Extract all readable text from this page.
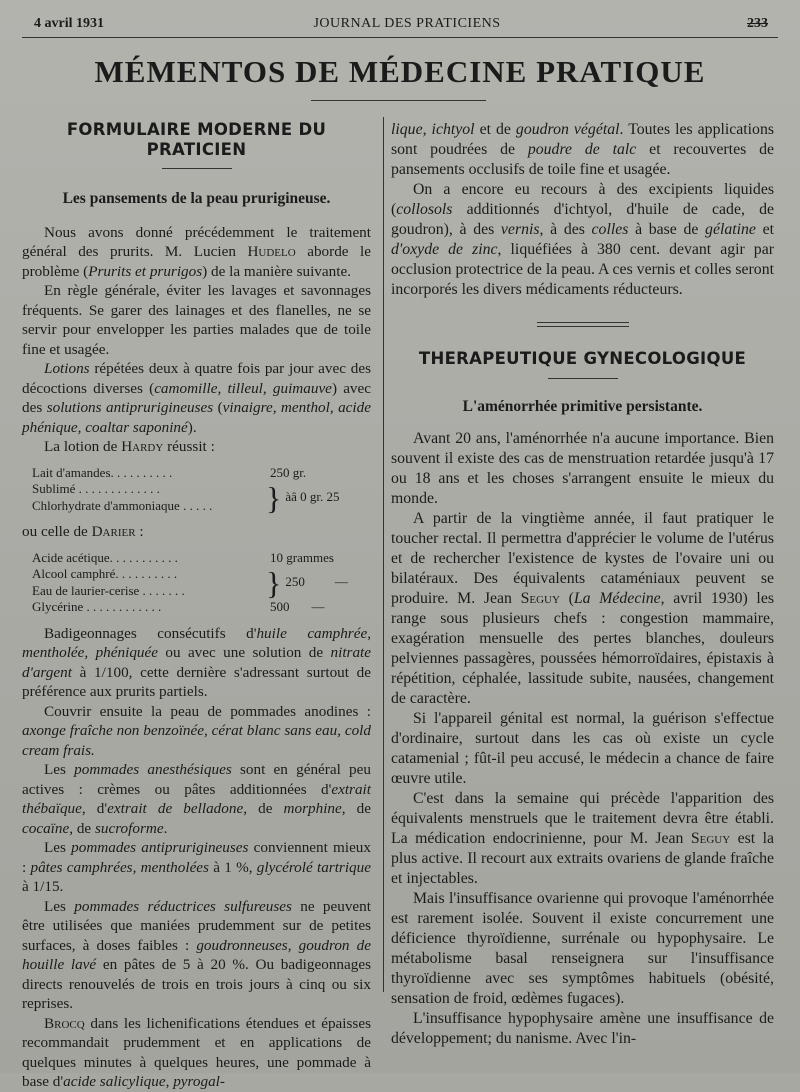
4 avril 1931	JOURNAL DES PRATICIENS	233
MÉMENTOS DE MÉDECINE PRATIQUE
FORMULAIRE MODERNE DU PRATICIEN
Les pansements de la peau prurigineuse.

Nous avons donné précédemment le traitement général des prurits. M. Lucien Hudelo aborde le problème (Prurits et prurigos) de la manière suivante.

En règle générale, éviter les lavages et savonnages fréquents. Se garer des lainages et des flanelles, ne se servir pour envelopper les parties malades que de toile fine et usagée.

Lotions répétées deux à quatre fois par jour avec des décoctions diverses (camomille, tilleul, guimauve) avec des solutions antiprurigineuses (vinaigre, menthol, acide phénique, coaltar saponiné).

La lotion de Hardy réussit :

Lait d'amandes. . . . . . . . . .	250 gr.
Sublimé . . . . . . . . . . . . .
Chlorhydrate d'ammoniaque . . . . .	} àâ 0 gr. 25

ou celle de Darier :

Acide acétique. . . . . . . . . . .	10 grammes
Alcool camphré. . . . . . . . . .
Eau de laurier-cerise . . . . . . .	} 250 —
Glycérine . . . . . . . . . . . .	500 —

Badigeonnages consécutifs d'huile camphrée, mentholée, phéniquée ou avec une solution de nitrate d'argent à 1/100, cette dernière s'adressant surtout de préférence aux prurits partiels.

Couvrir ensuite la peau de pommades anodines : axonge fraîche non benzoïnée, cérat blanc sans eau, cold cream frais.

Les pommades anesthésiques sont en général peu actives : crèmes ou pâtes additionnées d'extrait thébaïque, d'extrait de belladone, de morphine, de cocaïne, de sucroforme.

Les pommades antiprurigineuses conviennent mieux : pâtes camphrées, mentholées à 1 %, glycérolé tartrique à 1/15.

Les pommades réductrices sulfureuses ne peuvent être utilisées que maniées prudemment sur de petites surfaces, à doses faibles : goudronneuses, goudron de houille lavé en pâtes de 5 à 20 %. Ou badigeonnages directs renouvelés de trois en trois jours à cinq ou six reprises.

Brocq dans les lichenifications étendues et épaisses recommandait prudemment et en applications de quelques minutes à quelques heures, une pommade à base d'acide salicylique, pyrogal-

lique, ichtyol et de goudron végétal. Toutes les applications sont poudrées de poudre de talc et recouvertes de pansements occlusifs de toile fine et usagée.

On a encore eu recours à des excipients liquides (collosols additionnés d'ichtyol, d'huile de cade, de goudron), à des vernis, à des colles à base de gélatine et d'oxyde de zinc, liquéfiées à 380 cent. devant agir par occlusion protectrice de la peau. A ces vernis et colles seront incorporés les divers médicaments réducteurs.

THERAPEUTIQUE GYNECOLOGIQUE
L'aménorrhée primitive persistante.

Avant 20 ans, l'aménorrhée n'a aucune importance. Bien souvent il existe des cas de menstruation retardée jusqu'à 17 ou 18 ans et les choses s'arrangent ensuite le mieux du monde.

A partir de la vingtième année, il faut pratiquer le toucher rectal. Il permettra d'apprécier le volume de l'utérus et de rechercher l'existence de kystes de l'ovaire uni ou bilatéraux. Des équivalents cataméniaux peuvent se produire. M. Jean Seguy (La Médecine, avril 1930) les range sous plusieurs chefs : congestion mammaire, exagération mensuelle des pertes blanches, douleurs pelviennes passagères, poussées hémorroïdaires, épistaxis à répétition, céphalée, lassitude subite, nausées, changement de caractère.

Si l'appareil génital est normal, la guérison s'effectue d'ordinaire, surtout dans les cas où existe un cycle catamenial ; fût-il peu accusé, le médecin a chance de faire œuvre utile.

C'est dans la semaine qui précède l'apparition des équivalents menstruels que le traitement devra être établi. La médication endocrinienne, pour M. Jean Seguy est la plus active. Il recourt aux extraits ovariens de glande fraîche et injectables.

Mais l'insuffisance ovarienne qui provoque l'aménorrhée est rarement isolée. Souvent il existe concurrement une déficience thyroïdienne, surrénale ou hypophysaire. Le métabolisme basal renseignera sur l'insuffisance thyroïdienne avec ses symptômes habituels (obésité, sensation de froid, œdèmes fugaces).

L'insuffisance hypophysaire amène une insuffisance de développement; du nanisme. Avec l'in-
